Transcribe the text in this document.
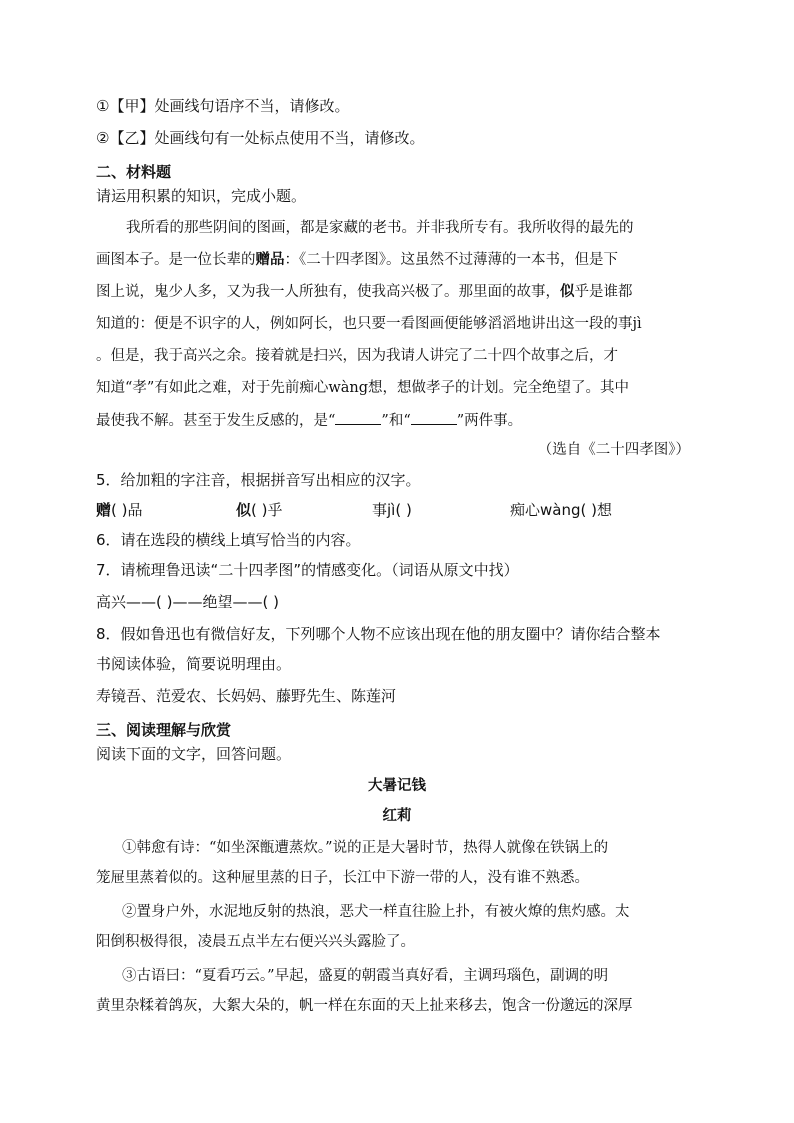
①【甲】处画线句语序不当，请修改。
②【乙】处画线句有一处标点使用不当，请修改。
二、材料题
请运用积累的知识，完成小题。
我所看的那些阴间的图画，都是家藏的老书。并非我所专有。我所收得的最先的
画图本子。是一位长辈的赠品：《二十四孝图》。这虽然不过薄薄的一本书，但是下
图上说，鬼少人多，又为我一人所独有，使我高兴极了。那里面的故事，似乎是谁都
知道的：便是不识字的人，例如阿长，也只要一看图画便能够滔滔地讲出这一段的事jì
。但是，我于高兴之余。接着就是扫兴，因为我请人讲完了二十四个故事之后，才
知道“孝”有如此之难，对于先前痴心wàng想，想做孝子的计划。完全绝望了。其中
最使我不解。甚至于发生反感的，是“	”和“	”两件事。
（选自《二十四孝图》）
5．给加粗的字注音，根据拼音写出相应的汉字。
赠( )品	似( )乎	事jì( )	痴心wàng( )想
6．请在选段的横线上填写恰当的内容。
7．请梳理鲁迅读“二十四孝图”的情感变化。（词语从原文中找）
高兴——( )——绝望——( )
8．假如鲁迅也有微信好友，下列哪个人物不应该出现在他的朋友圈中？请你结合整本
书阅读体验，简要说明理由。
寿镜吾、范爱农、长妈妈、藤野先生、陈莲河
三、阅读理解与欣赏
阅读下面的文字，回答问题。
大暑记钱
红莉
①韩愈有诗：“如坐深甑遭蒸炊。”说的正是大暑时节，热得人就像在铁锅上的
笼屉里蒸着似的。这种屉里蒸的日子，长江中下游一带的人，没有谁不熟悉。
②置身户外，水泥地反射的热浪，恶犬一样直往脸上扑，有被火燎的焦灼感。太
阳倒积极得很，凌晨五点半左右便兴兴头露脸了。
③古语曰：“夏看巧云。”早起，盛夏的朝霞当真好看，主调玛瑙色，副调的明
黄里杂糅着鸽灰，大絮大朵的，帆一样在东面的天上扯来移去，饱含一份邈远的深厚
